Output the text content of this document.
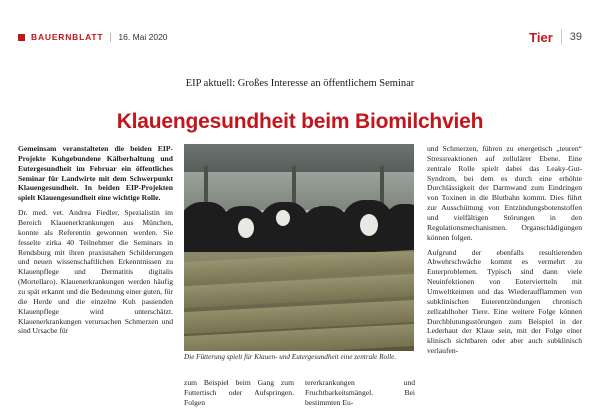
BAUERNBLATT 16. Mai 2020	Tier 39
EIP aktuell: Großes Interesse an öffentlichem Seminar
Klauengesundheit beim Biomilchvieh

Gemeinsam veranstalteten die beiden EIP-Projekte Kuhgebundene Kälberhaltung und Eutergesundheit im Februar ein öffentliches Seminar für Landwirte mit dem Schwerpunkt Klauengesundheit. In beiden EIP-Projekten spielt Klauengesundheit eine wichtige Rolle.

Dr. med. vet. Andrea Fiedler, Spezialistin im Bereich Klauenerkrankungen aus München, konnte als Referentin gewonnen werden. Sie fesselte zirka 40 Teilnehmer die Seminars in Rendsburg mit ihren praxisnahen Schilderungen und neuen wissenschaftlichen Erkenntnissen zu Klauenpflege und Dermatitis digitalis (Mortellaro). Klauenerkrankungen werden häufig zu spät erkannt und die Bedeutung einer guten, für die Herde und die einzelne Kuh passenden Klauenpflege wird unterschätzt. Klauenerkrankungen verursachen Schmerzen und sind Ursache für

Die Fütterung spielt für Klauen- und Eutergesundheit eine zentrale Rolle.

zum Beispiel beim Gang zum Futtertisch oder Aufspringen. Folgen

tererkrankungen und Fruchtbarkeitsmängel. Bei bestimmten Eu-

und Schmerzen, führen zu energetisch „teuren“ Stressreaktionen auf zellulärer Ebene. Eine zentrale Rolle spielt dabei das Leaky-Gut-Syndrom, bei dem es durch eine erhöhte Durchlässigkeit der Darmwand zum Eindringen von Toxinen in die Blutbahn kommt. Dies führt zur Ausschüttung von Entzündungsbotenstoffen und vielfältigen Störungen in den Regulationsmechanismen. Organschädigungen können folgen.

Aufgrund der ebenfalls resultierenden Abwehrschwäche kommt es vermehrt zu Euterproblemen. Typisch sind dann viele Neuinfektionen von Euterviertteln mit Umweltkeimen und das Wiederaufflammen von subklinischen Euterentzündungen chronisch zellzahlhoher Tiere. Eine weitere Folge können Durchblutungsstörungen zum Beispiel in der Lederhaut der Klaue sein, mit der Folge einer klinisch sichtbaren oder aber auch subklinisch verlaufen-
